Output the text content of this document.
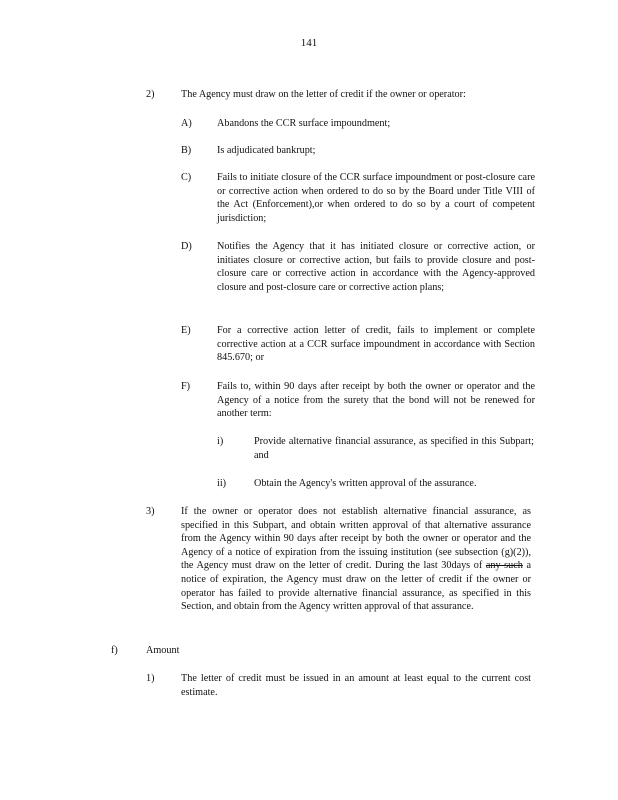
141
2)	The Agency must draw on the letter of credit if the owner or operator:
A) Abandons the CCR surface impoundment;
B)	Is adjudicated bankrupt;
C)	Fails to initiate closure of the CCR surface impoundment or post-closure care or corrective action when ordered to do so by the Board under Title VIII of the Act (Enforcement),or when ordered to do so by a court of competent jurisdiction;
D) Notifies the Agency that it has initiated closure or corrective action, or initiates closure or corrective action, but fails to provide closure and post-closure care or corrective action in accordance with the Agency-approved closure and post-closure care or corrective action plans;
E)	For a corrective action letter of credit, fails to implement or complete corrective action at a CCR surface impoundment in accordance with Section 845.670; or
F)	Fails to, within 90 days after receipt by both the owner or operator and the Agency of a notice from the surety that the bond will not be renewed for another term:
i)	Provide alternative financial assurance, as specified in this Subpart; and
ii)	Obtain the Agency's written approval of the assurance.
3)	If the owner or operator does not establish alternative financial assurance, as specified in this Subpart, and obtain written approval of that alternative assurance from the Agency within 90 days after receipt by both the owner or operator and the Agency of a notice of expiration from the issuing institution (see subsection (g)(2)), the Agency must draw on the letter of credit. During the last 30days of any such a notice of expiration, the Agency must draw on the letter of credit if the owner or operator has failed to provide alternative financial assurance, as specified in this Section, and obtain from the Agency written approval of that assurance.
f)	Amount
1)	The letter of credit must be issued in an amount at least equal to the current cost estimate.
